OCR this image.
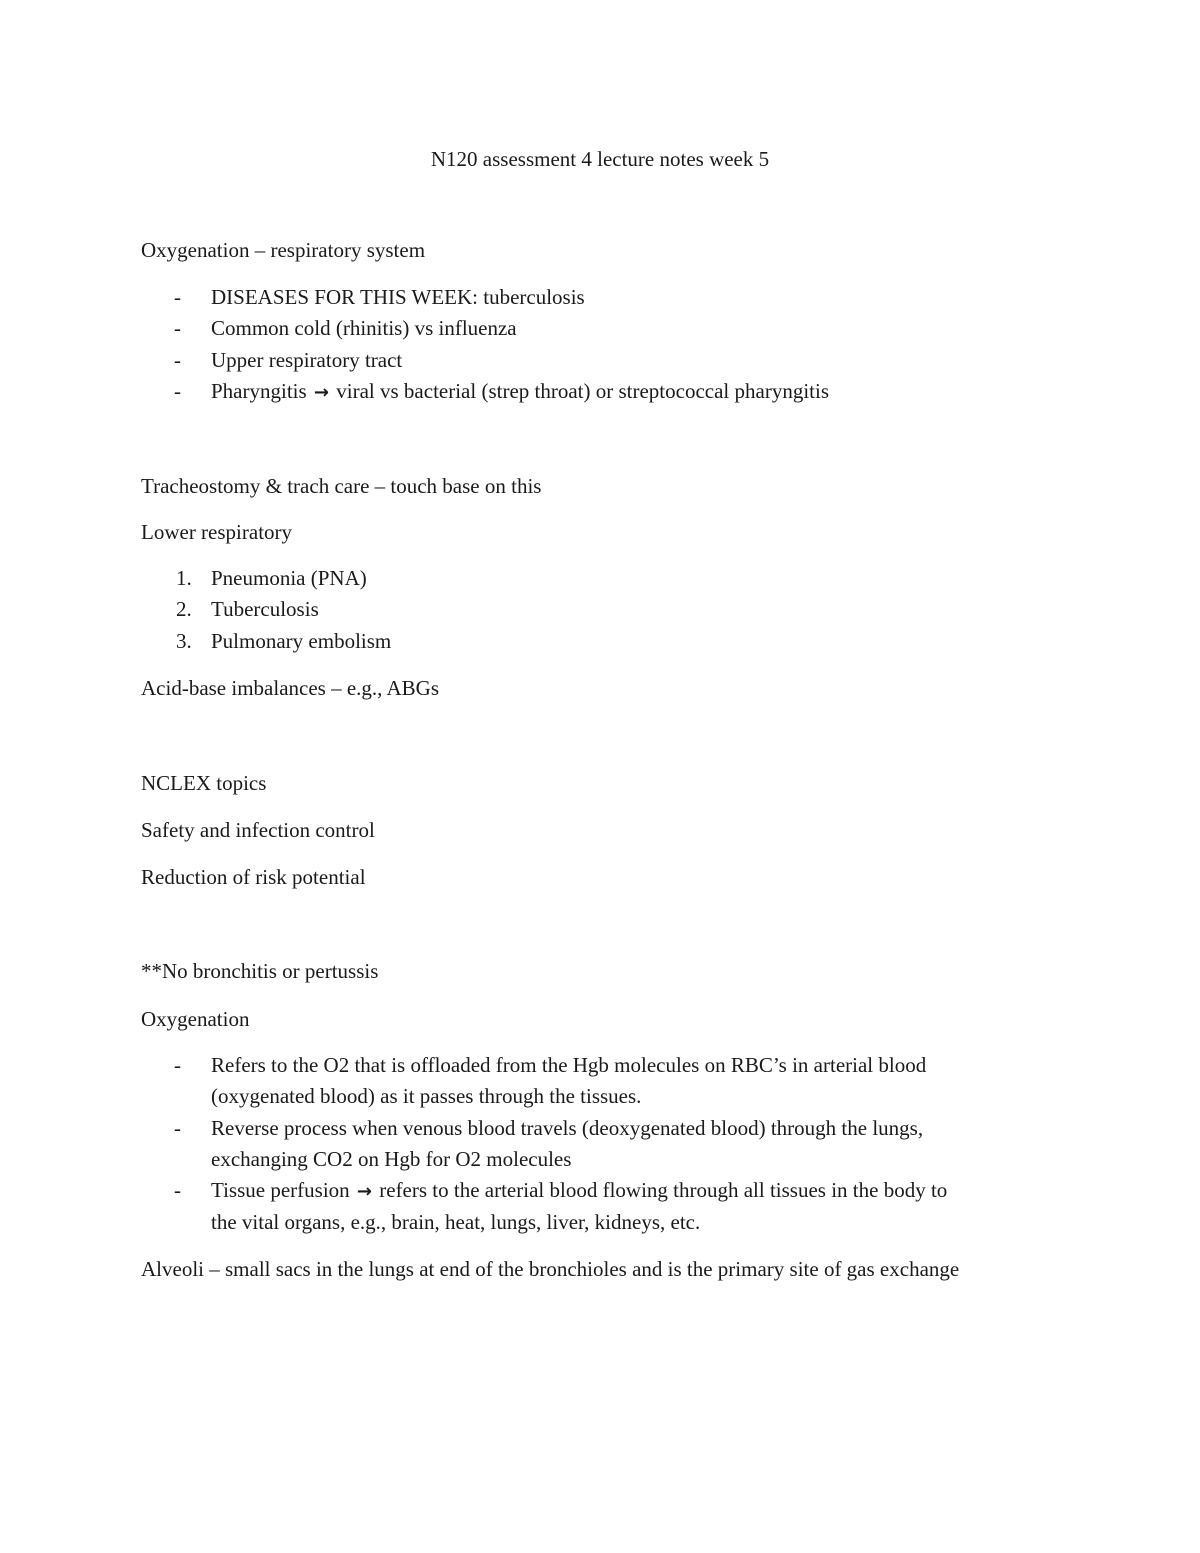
N120 assessment 4 lecture notes week 5
Oxygenation – respiratory system
- DISEASES FOR THIS WEEK: tuberculosis
- Common cold (rhinitis) vs influenza
- Upper respiratory tract
- Pharyngitis → viral vs bacterial (strep throat) or streptococcal pharyngitis
Tracheostomy & trach care – touch base on this
Lower respiratory
1. Pneumonia (PNA)
2. Tuberculosis
3. Pulmonary embolism
Acid-base imbalances – e.g., ABGs
NCLEX topics
Safety and infection control
Reduction of risk potential
**No bronchitis or pertussis
Oxygenation
- Refers to the O2 that is offloaded from the Hgb molecules on RBC’s in arterial blood
(oxygenated blood) as it passes through the tissues.
- Reverse process when venous blood travels (deoxygenated blood) through the lungs,
exchanging CO2 on Hgb for O2 molecules
- Tissue perfusion → refers to the arterial blood flowing through all tissues in the body to
the vital organs, e.g., brain, heat, lungs, liver, kidneys, etc.
Alveoli – small sacs in the lungs at end of the bronchioles and is the primary site of gas exchange
